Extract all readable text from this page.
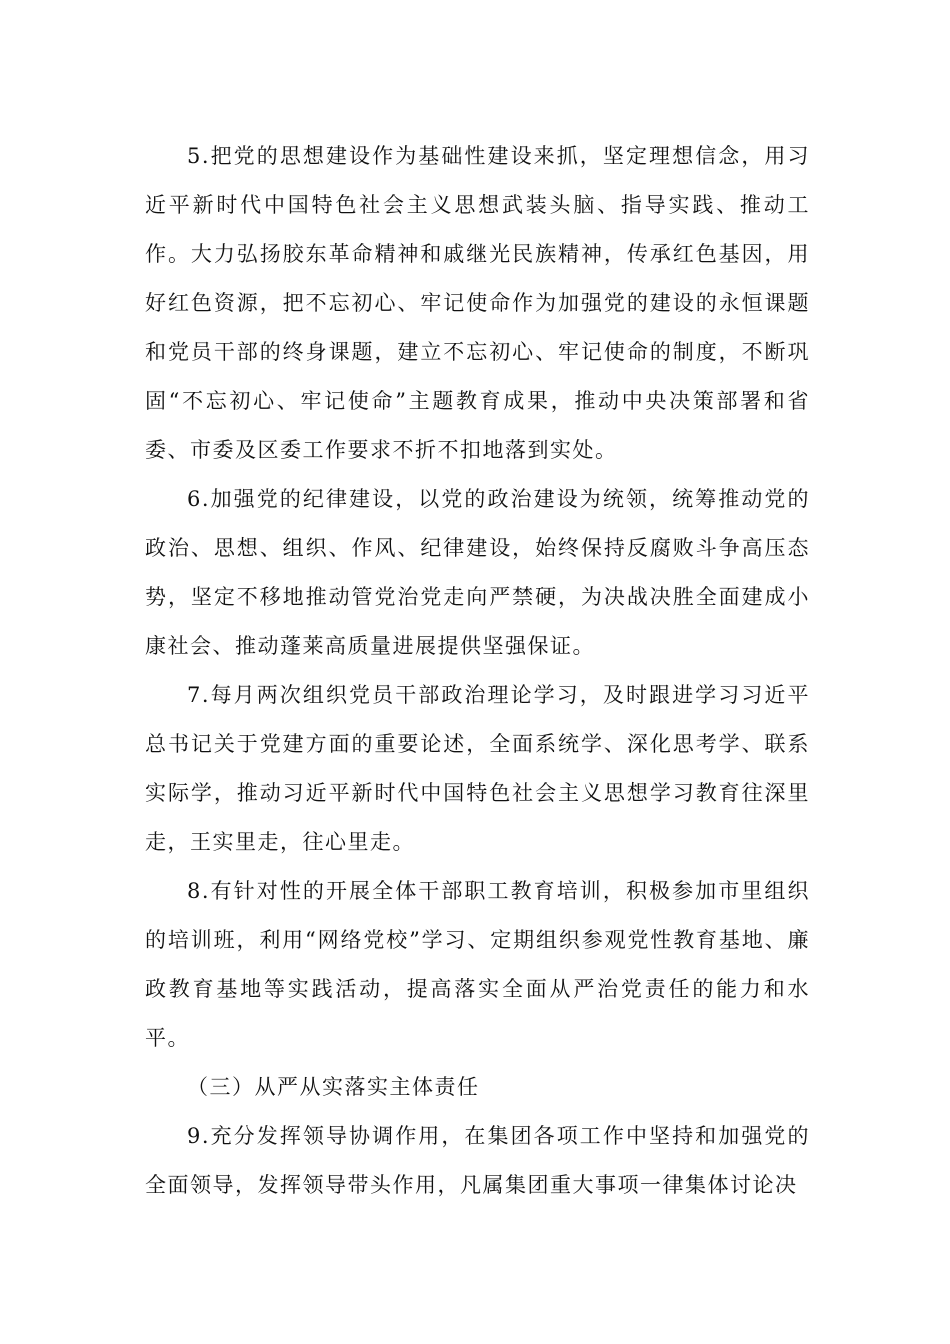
5.把党的思想建设作为基础性建设来抓，坚定理想信念，用习近平新时代中国特色社会主义思想武装头脑、指导实践、推动工作。大力弘扬胶东革命精神和戚继光民族精神，传承红色基因，用好红色资源，把不忘初心、牢记使命作为加强党的建设的永恒课题和党员干部的终身课题，建立不忘初心、牢记使命的制度，不断巩固“不忘初心、牢记使命”主题教育成果，推动中央决策部署和省委、市委及区委工作要求不折不扣地落到实处。

6.加强党的纪律建设，以党的政治建设为统领，统筹推动党的政治、思想、组织、作风、纪律建设，始终保持反腐败斗争高压态势，坚定不移地推动管党治党走向严禁硬，为决战决胜全面建成小康社会、推动蓬莱高质量进展提供坚强保证。

7.每月两次组织党员干部政治理论学习，及时跟进学习习近平总书记关于党建方面的重要论述，全面系统学、深化思考学、联系实际学，推动习近平新时代中国特色社会主义思想学习教育往深里走，王实里走，往心里走。

8.有针对性的开展全体干部职工教育培训，积极参加市里组织的培训班，利用“网络党校”学习、定期组织参观党性教育基地、廉政教育基地等实践活动，提高落实全面从严治党责任的能力和水平。

（三）从严从实落实主体责任

9.充分发挥领导协调作用，在集团各项工作中坚持和加强党的全面领导，发挥领导带头作用，凡属集团重大事项一律集体讨论决
